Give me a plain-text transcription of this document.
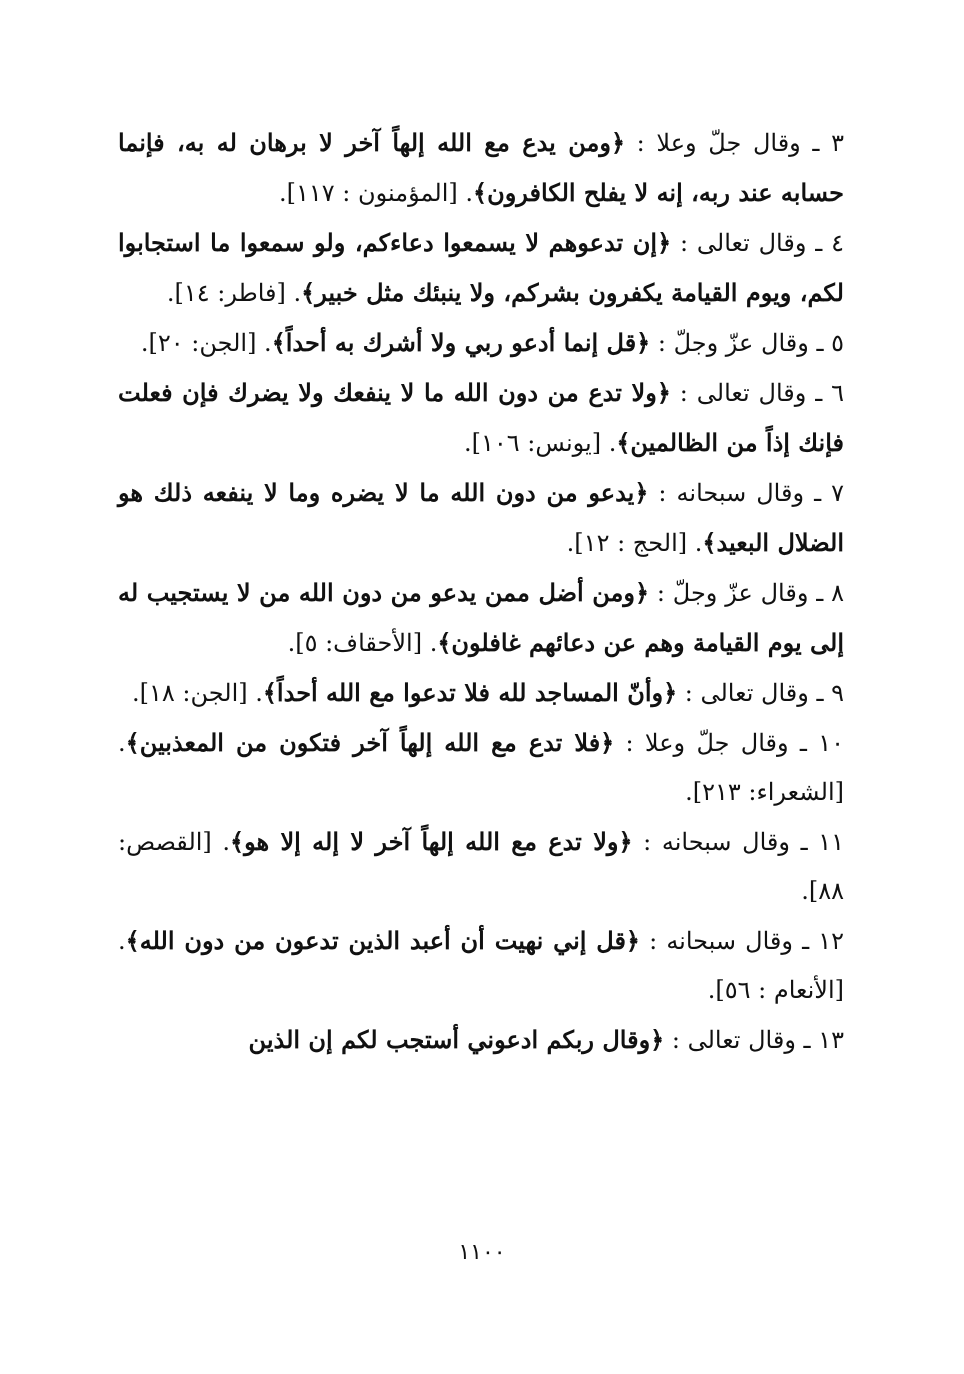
٣ ـ وقال جلّ وعلا : ﴿ومن يدع مع الله إلهاً آخر لا برهان له به، فإنما حسابه عند ربه، إنه لا يفلح الكافرون﴾. [المؤمنون : ١١٧].

٤ ـ وقال تعالى : ﴿إن تدعوهم لا يسمعوا دعاءكم، ولو سمعوا ما استجابوا لكم، ويوم القيامة يكفرون بشركم، ولا ينبئك مثل خبير﴾. [فاطر: ١٤].

٥ ـ وقال عزّ وجلّ : ﴿قل إنما أدعو ربي ولا أشرك به أحداً﴾. [الجن: ٢٠].

٦ ـ وقال تعالى : ﴿ولا تدع من دون الله ما لا ينفعك ولا يضرك فإن فعلت فإنك إذاً من الظالمين﴾. [يونس: ١٠٦].

٧ ـ وقال سبحانه : ﴿يدعو من دون الله ما لا يضره وما لا ينفعه ذلك هو الضلال البعيد﴾. [الحج : ١٢].

٨ ـ وقال عزّ وجلّ : ﴿ومن أضل ممن يدعو من دون الله من لا يستجيب له إلى يوم القيامة وهم عن دعائهم غافلون﴾. [الأحقاف: ٥].

٩ ـ وقال تعالى : ﴿وأنّ المساجد لله فلا تدعوا مع الله أحداً﴾. [الجن: ١٨].

١٠ ـ وقال جلّ وعلا : ﴿فلا تدع مع الله إلهاً آخر فتكون من المعذبين﴾. [الشعراء: ٢١٣].

١١ ـ وقال سبحانه : ﴿ولا تدع مع الله إلهاً آخر لا إله إلا هو﴾. [القصص: ٨٨].

١٢ ـ وقال سبحانه : ﴿قل إني نهيت أن أعبد الذين تدعون من دون الله﴾. [الأنعام : ٥٦].

١٣ ـ وقال تعالى : ﴿وقال ربكم ادعوني أستجب لكم إن الذين

١١٠٠
